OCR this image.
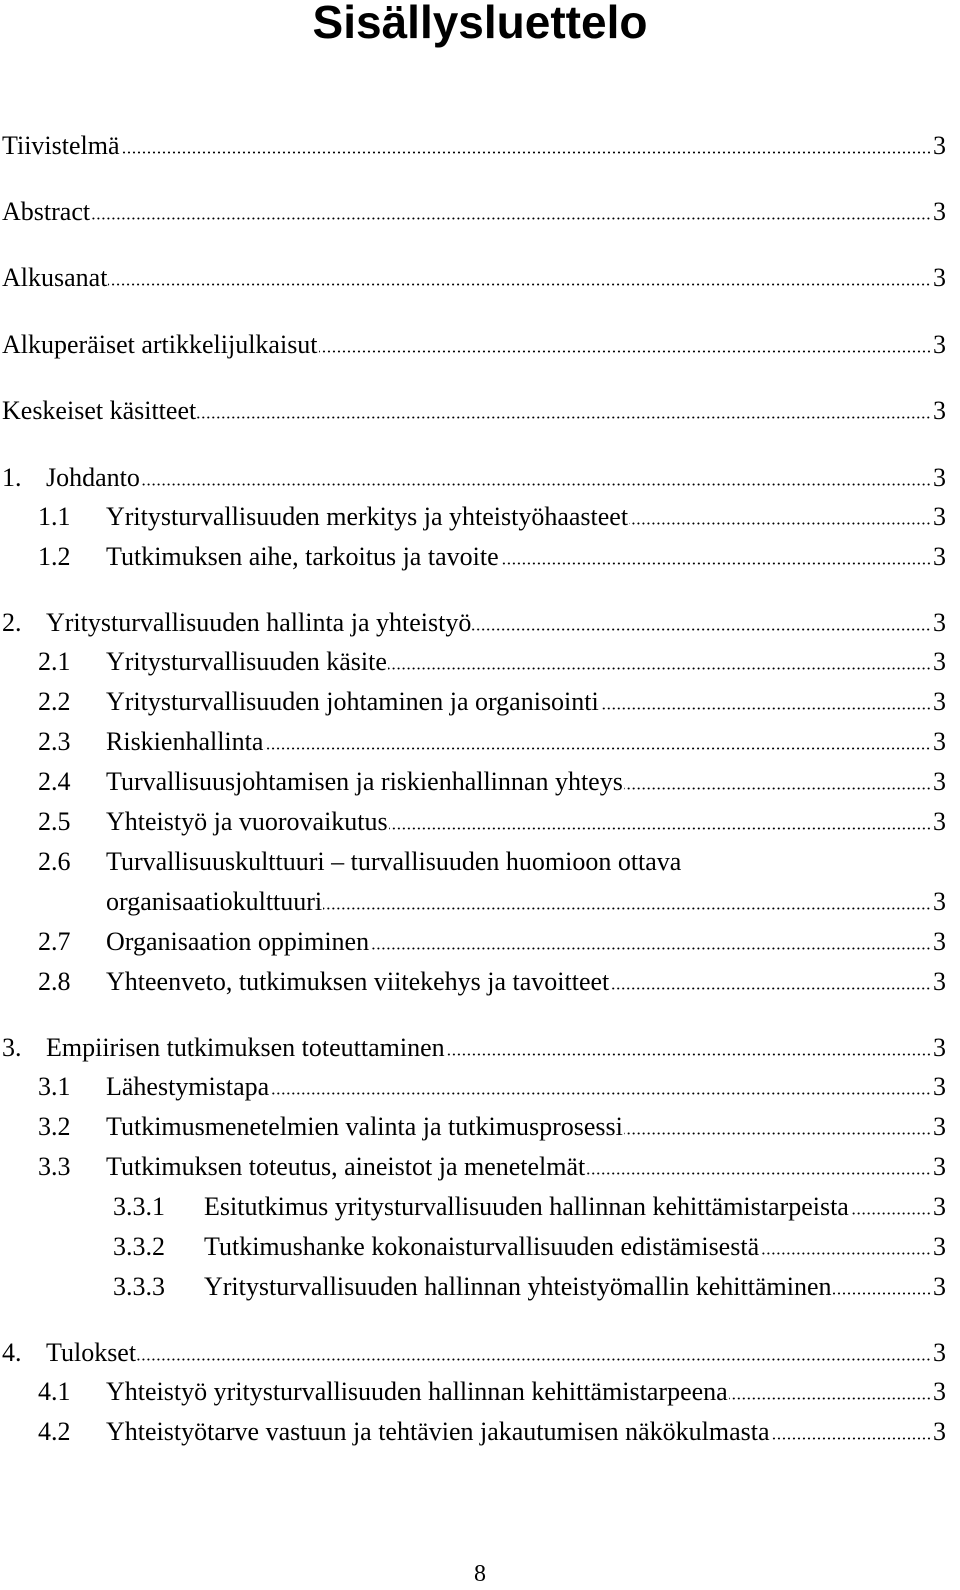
Sisällysluettelo
Tiivistelmä	3
Abstract	3
Alkusanat	3
Alkuperäiset artikkelijulkaisut	3
Keskeiset käsitteet	3
1. Johdanto	3
1.1	Yritysturvallisuuden merkitys ja yhteistyöhaasteet	3
1.2	Tutkimuksen aihe, tarkoitus ja tavoite	3
2. Yritysturvallisuuden hallinta ja yhteistyö	3
2.1	Yritysturvallisuuden käsite	3
2.2	Yritysturvallisuuden johtaminen ja organisointi	3
2.3	Riskienhallinta	3
2.4	Turvallisuusjohtamisen ja riskienhallinnan yhteys	3
2.5	Yhteistyö ja vuorovaikutus	3
2.6 Turvallisuuskulttuuri – turvallisuuden huomioon ottava
organisaatiokulttuuri	3
2.7	Organisaation oppiminen	3
2.8	Yhteenveto, tutkimuksen viitekehys ja tavoitteet	3
3. Empiirisen tutkimuksen toteuttaminen	3
3.1	Lähestymistapa	3
3.2	Tutkimusmenetelmien valinta ja tutkimusprosessi	3
3.3	Tutkimuksen toteutus, aineistot ja menetelmät	3
3.3.1	Esitutkimus yritysturvallisuuden hallinnan kehittämistarpeista	3
3.3.2	Tutkimushanke kokonaisturvallisuuden edistämisestä	3
3.3.3	Yritysturvallisuuden hallinnan yhteistyömallin kehittäminen	3
4. Tulokset	3
4.1	Yhteistyö yritysturvallisuuden hallinnan kehittämistarpeena	3
4.2	Yhteistyötarve vastuun ja tehtävien jakautumisen näkökulmasta	3
8
